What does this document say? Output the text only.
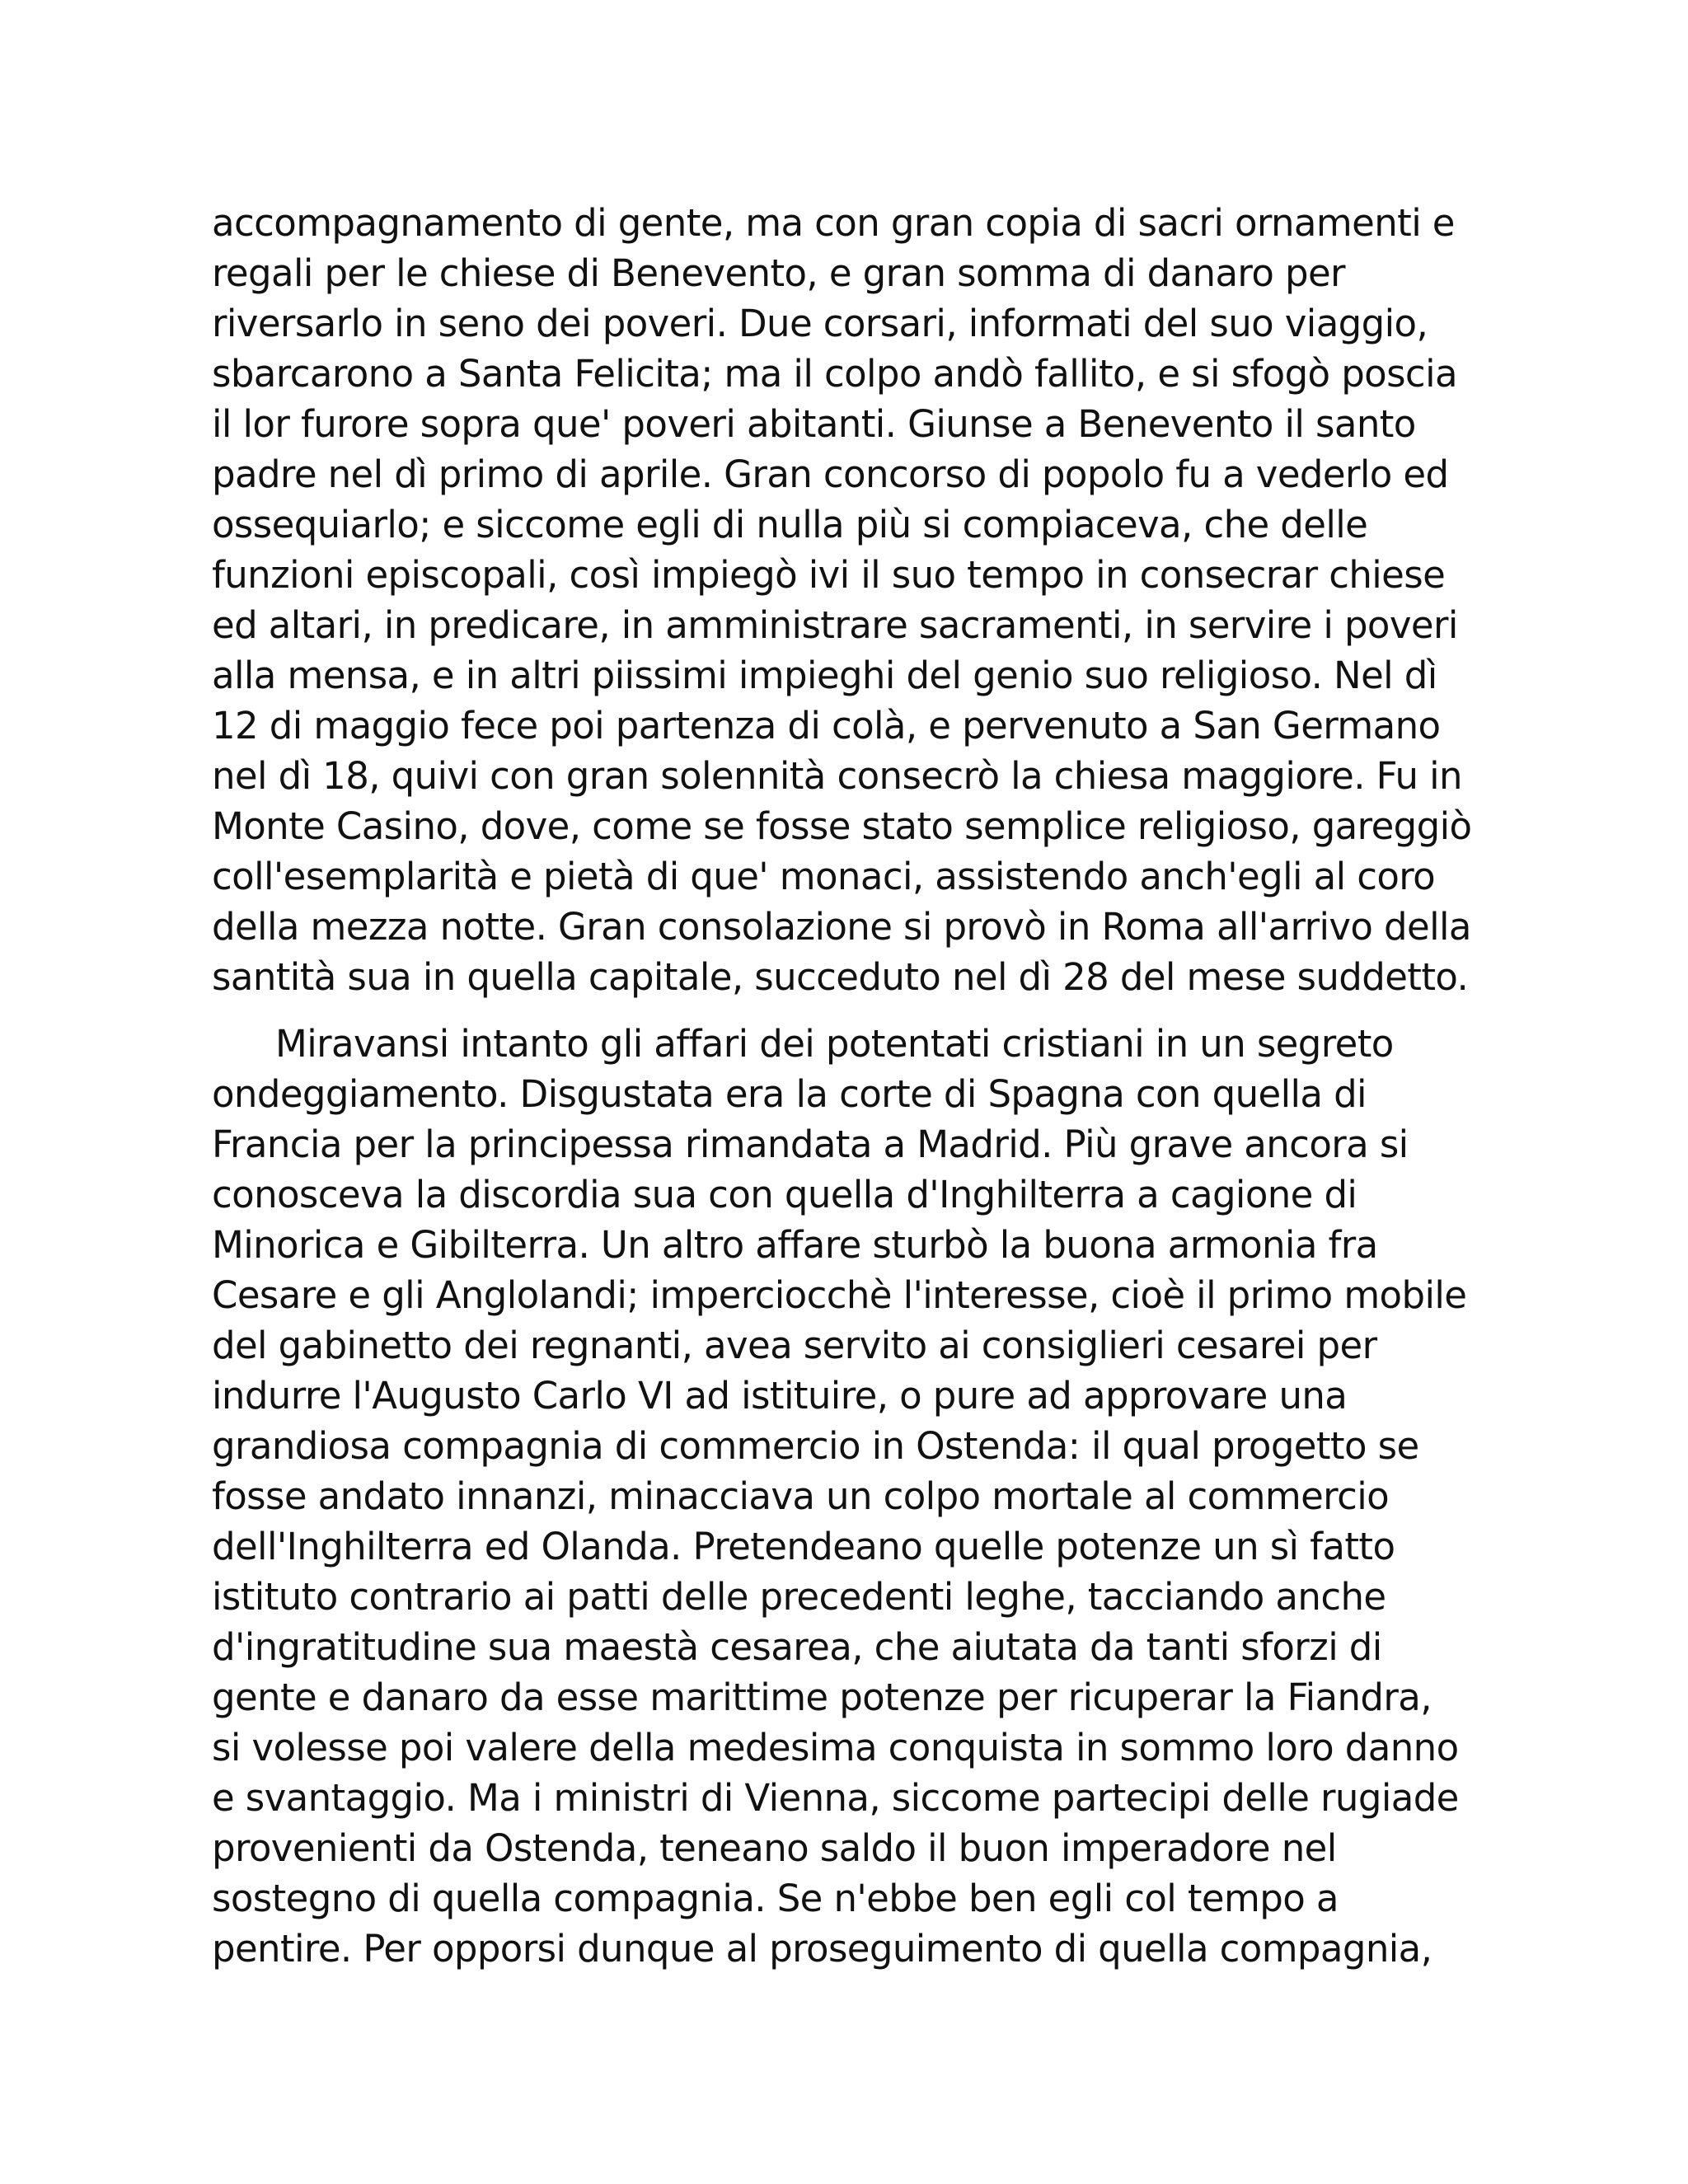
accompagnamento di gente, ma con gran copia di sacri ornamenti e
regali per le chiese di Benevento, e gran somma di danaro per
riversarlo in seno dei poveri. Due corsari, informati del suo viaggio,
sbarcarono a Santa Felicita; ma il colpo andò fallito, e si sfogò poscia
il lor furore sopra que' poveri abitanti. Giunse a Benevento il santo
padre nel dì primo di aprile. Gran concorso di popolo fu a vederlo ed
ossequiarlo; e siccome egli di nulla più si compiaceva, che delle
funzioni episcopali, così impiegò ivi il suo tempo in consecrar chiese
ed altari, in predicare, in amministrare sacramenti, in servire i poveri
alla mensa, e in altri piissimi impieghi del genio suo religioso. Nel dì
12 di maggio fece poi partenza di colà, e pervenuto a San Germano
nel dì 18, quivi con gran solennità consecrò la chiesa maggiore. Fu in
Monte Casino, dove, come se fosse stato semplice religioso, gareggiò
coll'esemplarità e pietà di que' monaci, assistendo anch'egli al coro
della mezza notte. Gran consolazione si provò in Roma all'arrivo della
santità sua in quella capitale, succeduto nel dì 28 del mese suddetto.
Miravansi intanto gli affari dei potentati cristiani in un segreto
ondeggiamento. Disgustata era la corte di Spagna con quella di
Francia per la principessa rimandata a Madrid. Più grave ancora si
conosceva la discordia sua con quella d'Inghilterra a cagione di
Minorica e Gibilterra. Un altro affare sturbò la buona armonia fra
Cesare e gli Anglolandi; imperciocchè l'interesse, cioè il primo mobile
del gabinetto dei regnanti, avea servito ai consiglieri cesarei per
indurre l'Augusto Carlo VI ad istituire, o pure ad approvare una
grandiosa compagnia di commercio in Ostenda: il qual progetto se
fosse andato innanzi, minacciava un colpo mortale al commercio
dell'Inghilterra ed Olanda. Pretendeano quelle potenze un sì fatto
istituto contrario ai patti delle precedenti leghe, tacciando anche
d'ingratitudine sua maestà cesarea, che aiutata da tanti sforzi di
gente e danaro da esse marittime potenze per ricuperar la Fiandra,
si volesse poi valere della medesima conquista in sommo loro danno
e svantaggio. Ma i ministri di Vienna, siccome partecipi delle rugiade
provenienti da Ostenda, teneano saldo il buon imperadore nel
sostegno di quella compagnia. Se n'ebbe ben egli col tempo a
pentire. Per opporsi dunque al proseguimento di quella compagnia,
